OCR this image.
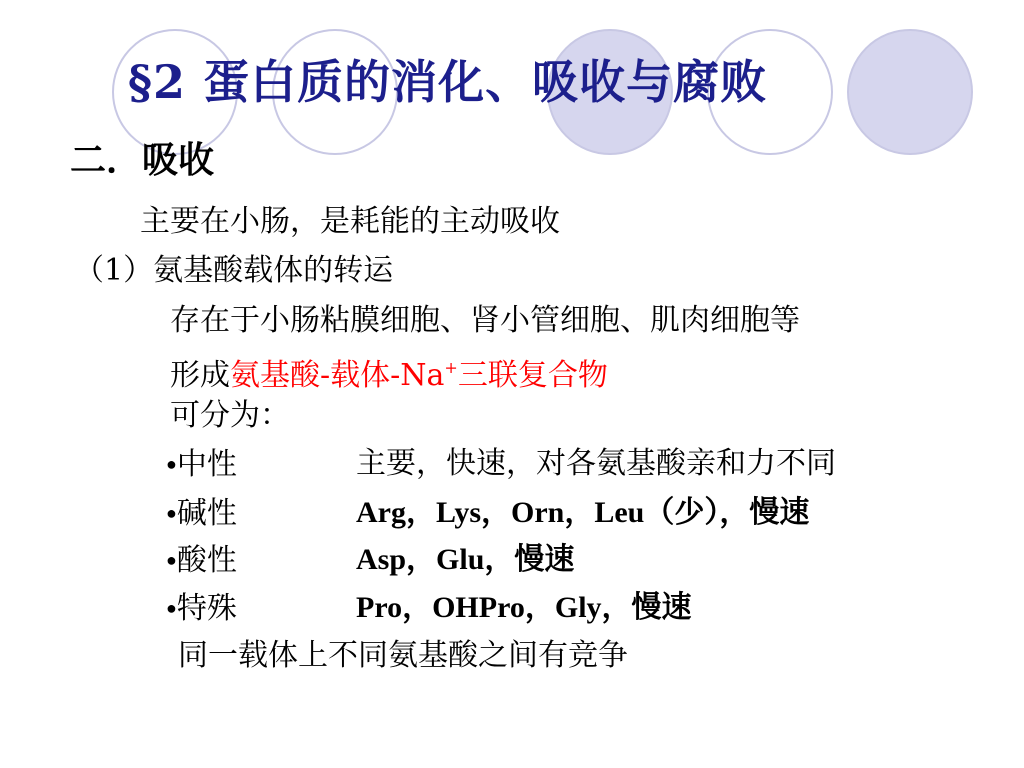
§2 蛋白质的消化、吸收与腐败
二．吸收
主要在小肠，是耗能的主动吸收
（1）氨基酸载体的转运
存在于小肠粘膜细胞、肾小管细胞、肌肉细胞等
形成氨基酸-载体-Na+三联复合物
可分为：
●中性	主要，快速，对各氨基酸亲和力不同
●碱性	Arg，Lys，Orn，Leu（少），慢速
●酸性	Asp，Glu，慢速
●特殊	Pro，OHPro，Gly，慢速
同一载体上不同氨基酸之间有竞争
